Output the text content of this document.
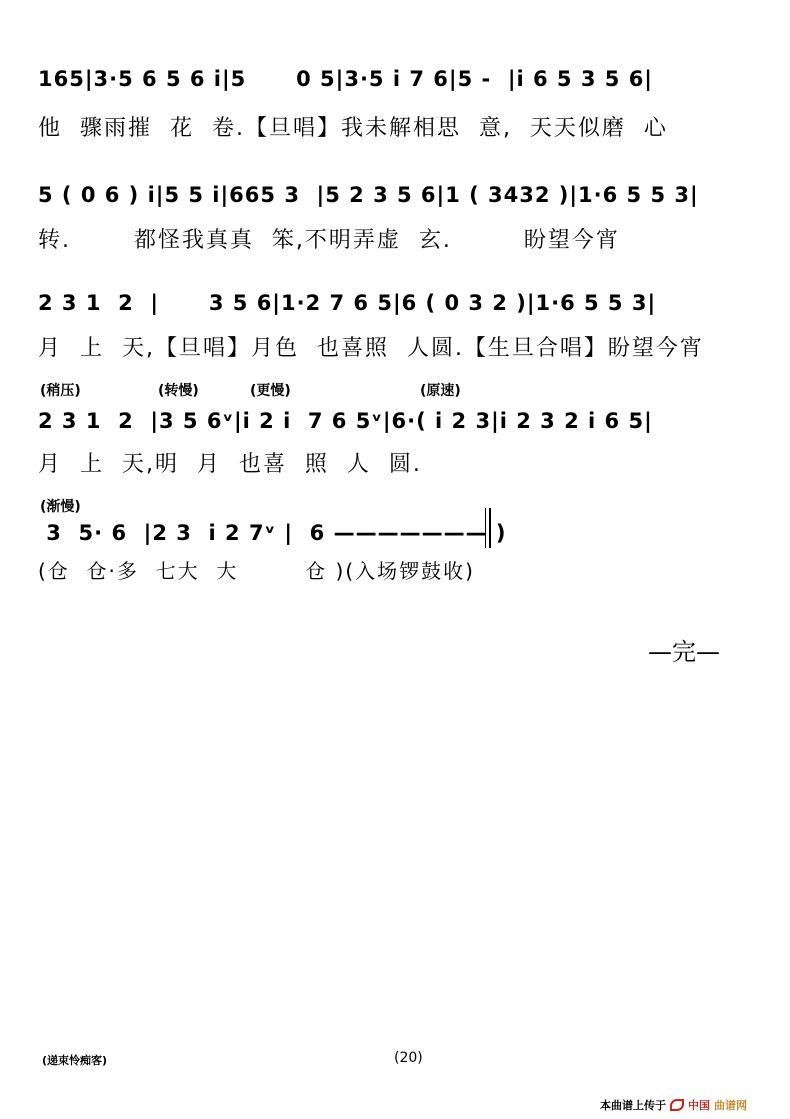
165|3·5 6 5 6 i|5      0 5|3·5 i 7 6|5 -  |i 6 5 3 5 6|
他  骤雨摧  花  卷.【旦唱】我未解相思  意,  天天似磨  心
5 ( 0 6 ) i|5 5 i|665 3  |5 2 3 5 6|1 ( 3432 )|1·6 5 5 3|
转.       都怪我真真  笨,不明弄虚  玄.        盼望今宵
2 3 1  2  |      3 5 6|1·2 7 6 5|6 ( 0 3 2 )|1·6 5 5 3|
月  上  天,【旦唱】月色  也喜照  人圆.【生旦合唱】盼望今宵
(稍压)	(转慢)	(更慢)	(原速)
2 3 1  2  |3 5 6ᵛ|i 2 i  7 6 5ᵛ|6·( i 2 3|i 2 3 2 i 6 5|
月  上  天,明  月  也喜  照  人  圆.
(渐慢)
3  5· 6  |2 3  i 2 7ᵛ |  6 ——————— )
(仓  仓·多  七大  大        仓 )(入场锣鼓收)
—完—
(递束怜痴客)	(20)
本曲谱上传于 中国 曲谱网
